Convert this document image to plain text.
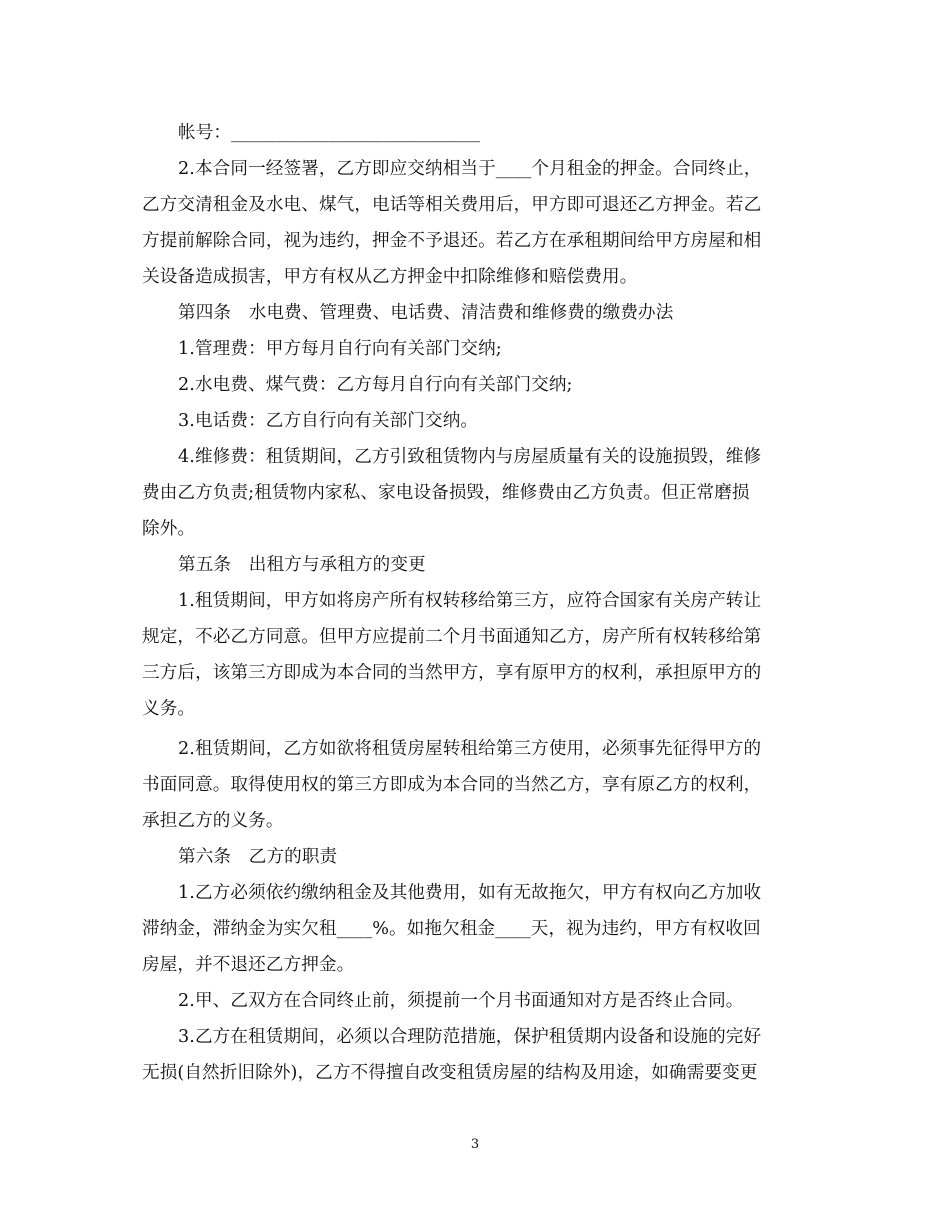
帐号：____________________________
2.本合同一经签署，乙方即应交纳相当于____个月租金的押金。合同终止，
乙方交清租金及水电、煤气，电话等相关费用后，甲方即可退还乙方押金。若乙
方提前解除合同，视为违约，押金不予退还。若乙方在承租期间给甲方房屋和相
关设备造成损害，甲方有权从乙方押金中扣除维修和赔偿费用。
第四条　水电费、管理费、电话费、清洁费和维修费的缴费办法
1.管理费：甲方每月自行向有关部门交纳;
2.水电费、煤气费：乙方每月自行向有关部门交纳;
3.电话费：乙方自行向有关部门交纳。
4.维修费：租赁期间，乙方引致租赁物内与房屋质量有关的设施损毁，维修
费由乙方负责;租赁物内家私、家电设备损毁，维修费由乙方负责。但正常磨损
除外。
第五条　出租方与承租方的变更
1.租赁期间，甲方如将房产所有权转移给第三方，应符合国家有关房产转让
规定，不必乙方同意。但甲方应提前二个月书面通知乙方，房产所有权转移给第
三方后，该第三方即成为本合同的当然甲方，享有原甲方的权利，承担原甲方的
义务。
2.租赁期间，乙方如欲将租赁房屋转租给第三方使用，必须事先征得甲方的
书面同意。取得使用权的第三方即成为本合同的当然乙方，享有原乙方的权利，
承担乙方的义务。
第六条　乙方的职责
1.乙方必须依约缴纳租金及其他费用，如有无故拖欠，甲方有权向乙方加收
滞纳金，滞纳金为实欠租____%。如拖欠租金____天，视为违约，甲方有权收回
房屋，并不退还乙方押金。
2.甲、乙双方在合同终止前，须提前一个月书面通知对方是否终止合同。
3.乙方在租赁期间，必须以合理防范措施，保护租赁期内设备和设施的完好
无损(自然折旧除外)，乙方不得擅自改变租赁房屋的结构及用途，如确需要变更
3
